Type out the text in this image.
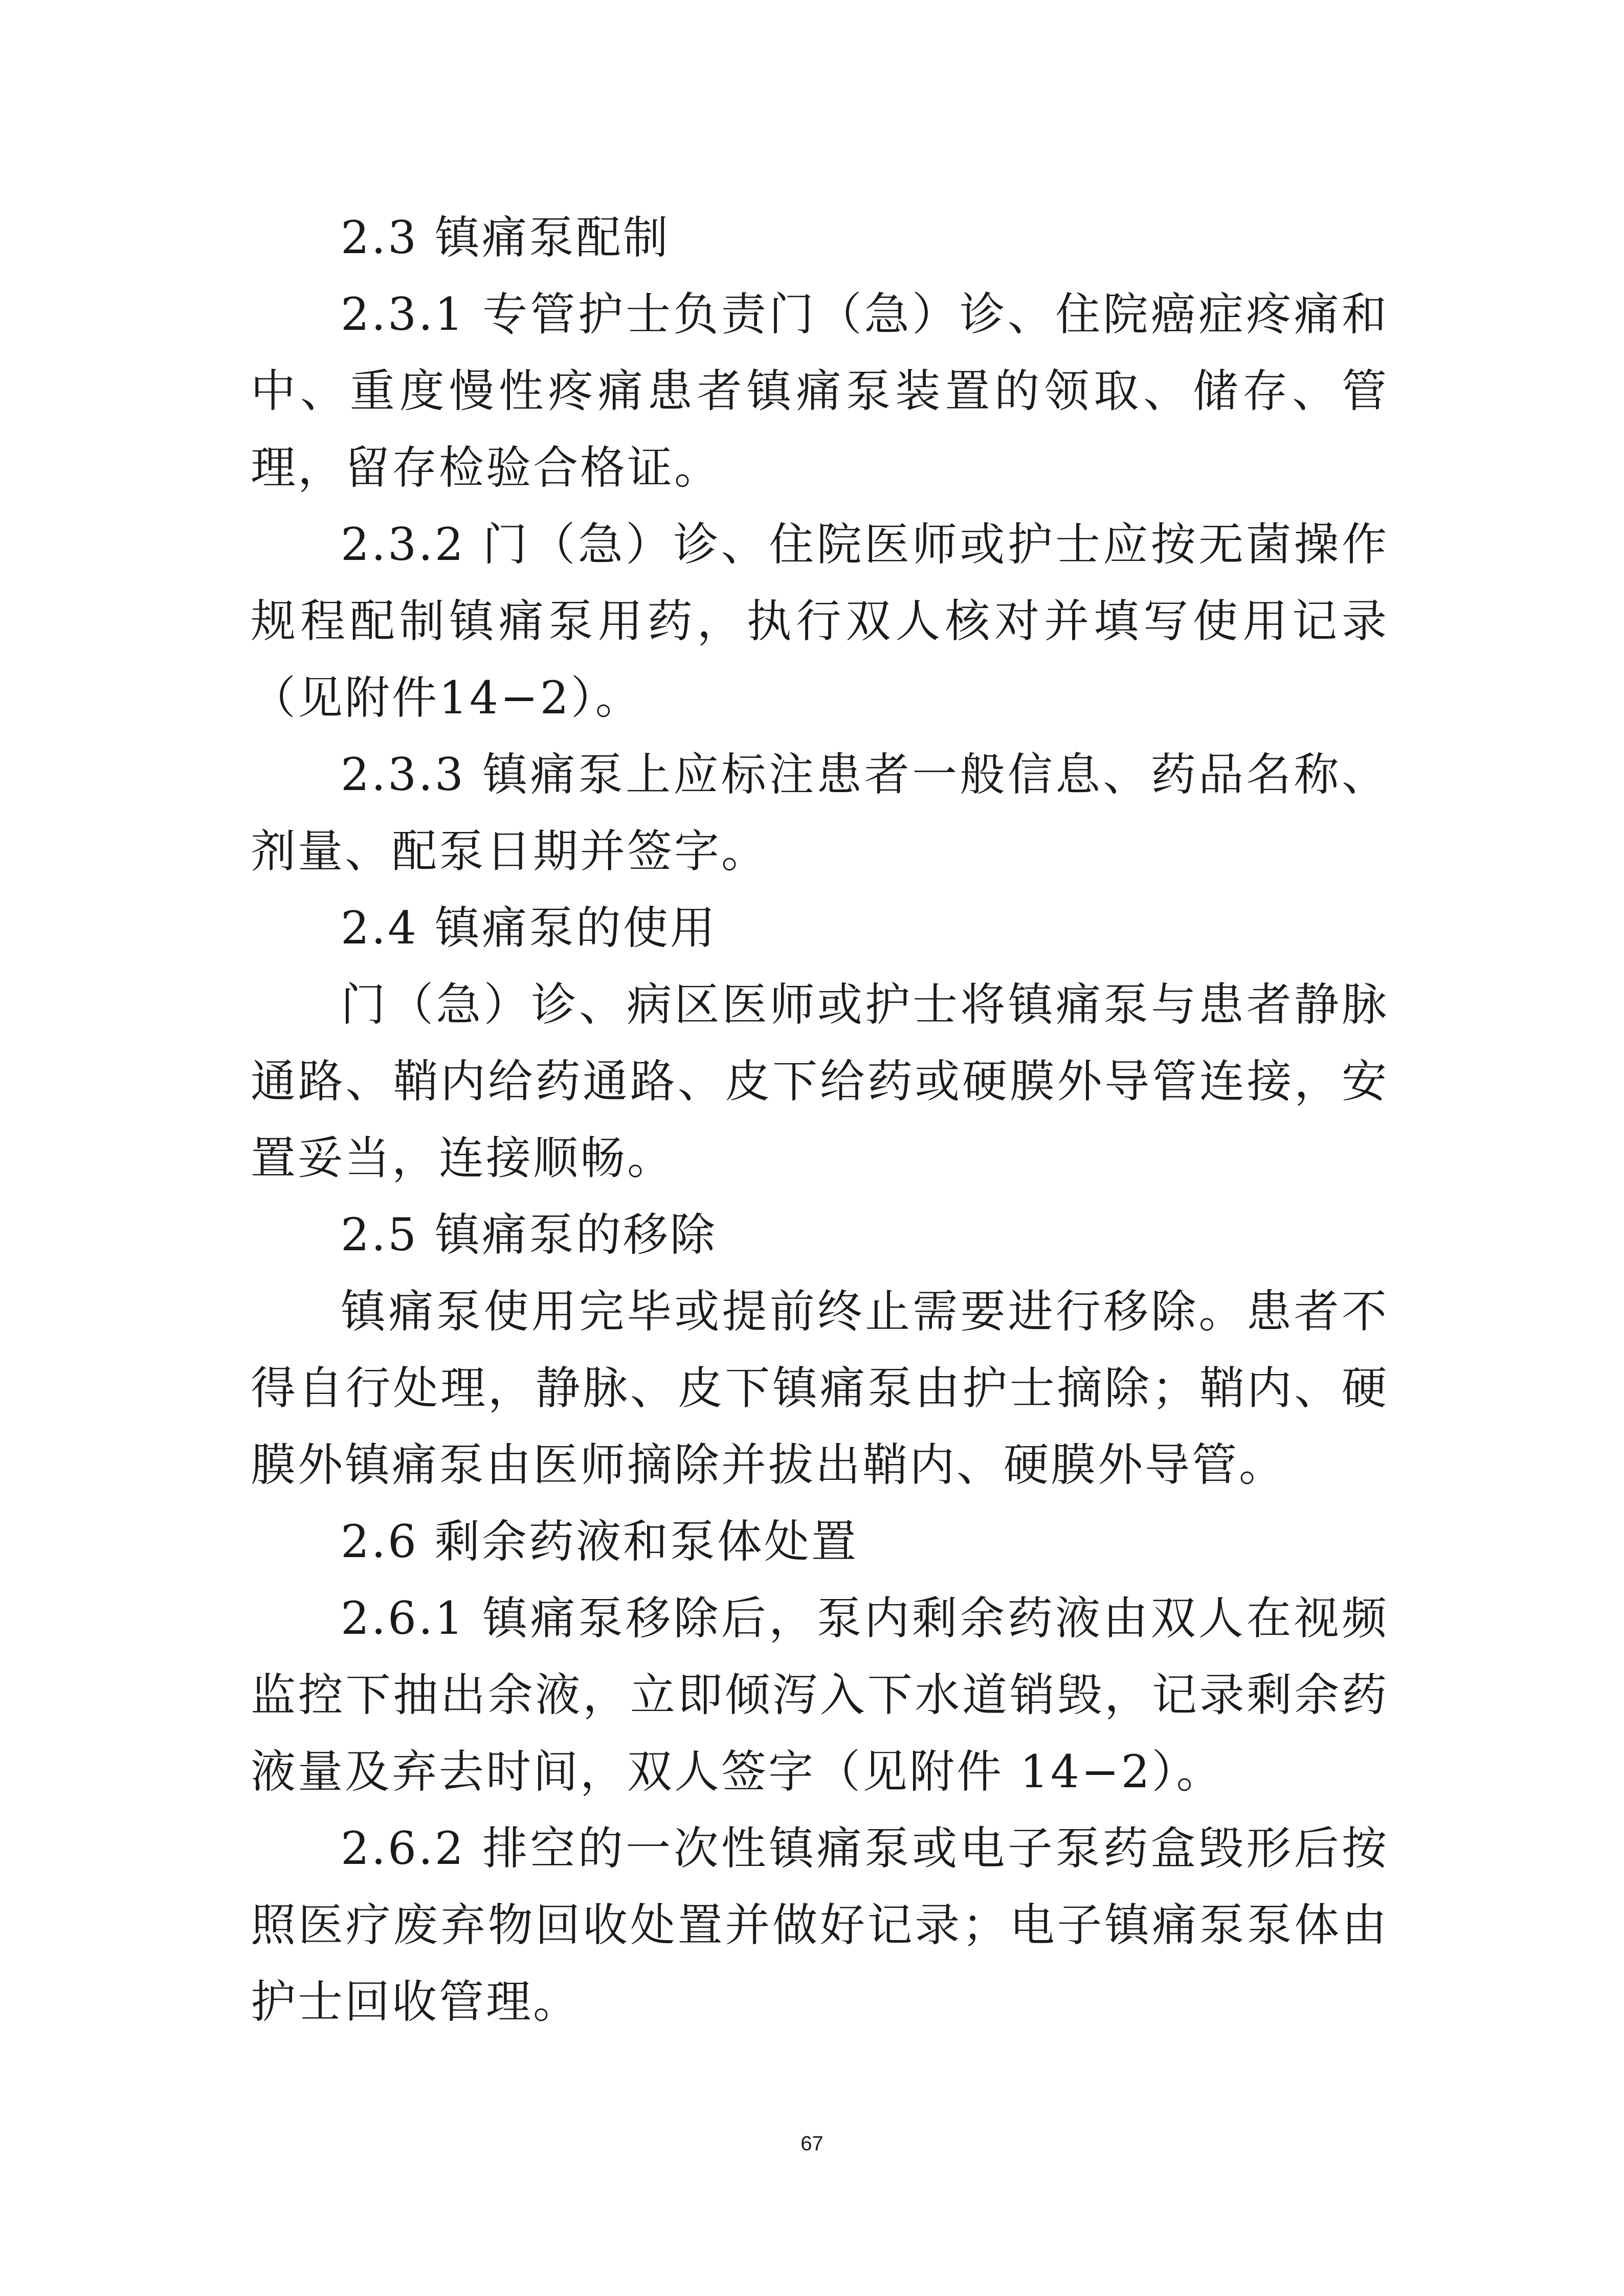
2.3 镇痛泵配制

2.3.1 专管护士负责门（急）诊、住院癌症疼痛和中、重度慢性疼痛患者镇痛泵装置的领取、储存、管理，留存检验合格证。

2.3.2 门（急）诊、住院医师或护士应按无菌操作规程配制镇痛泵用药，执行双人核对并填写使用记录（见附件14−2）。

2.3.3 镇痛泵上应标注患者一般信息、药品名称、剂量、配泵日期并签字。

2.4 镇痛泵的使用

门（急）诊、病区医师或护士将镇痛泵与患者静脉通路、鞘内给药通路、皮下给药或硬膜外导管连接，安置妥当，连接顺畅。

2.5 镇痛泵的移除

镇痛泵使用完毕或提前终止需要进行移除。患者不得自行处理，静脉、皮下镇痛泵由护士摘除；鞘内、硬膜外镇痛泵由医师摘除并拔出鞘内、硬膜外导管。

2.6 剩余药液和泵体处置

2.6.1 镇痛泵移除后，泵内剩余药液由双人在视频监控下抽出余液，立即倾泻入下水道销毁，记录剩余药液量及弃去时间，双人签字（见附件 14−2）。

2.6.2 排空的一次性镇痛泵或电子泵药盒毁形后按照医疗废弃物回收处置并做好记录；电子镇痛泵泵体由护士回收管理。

67
